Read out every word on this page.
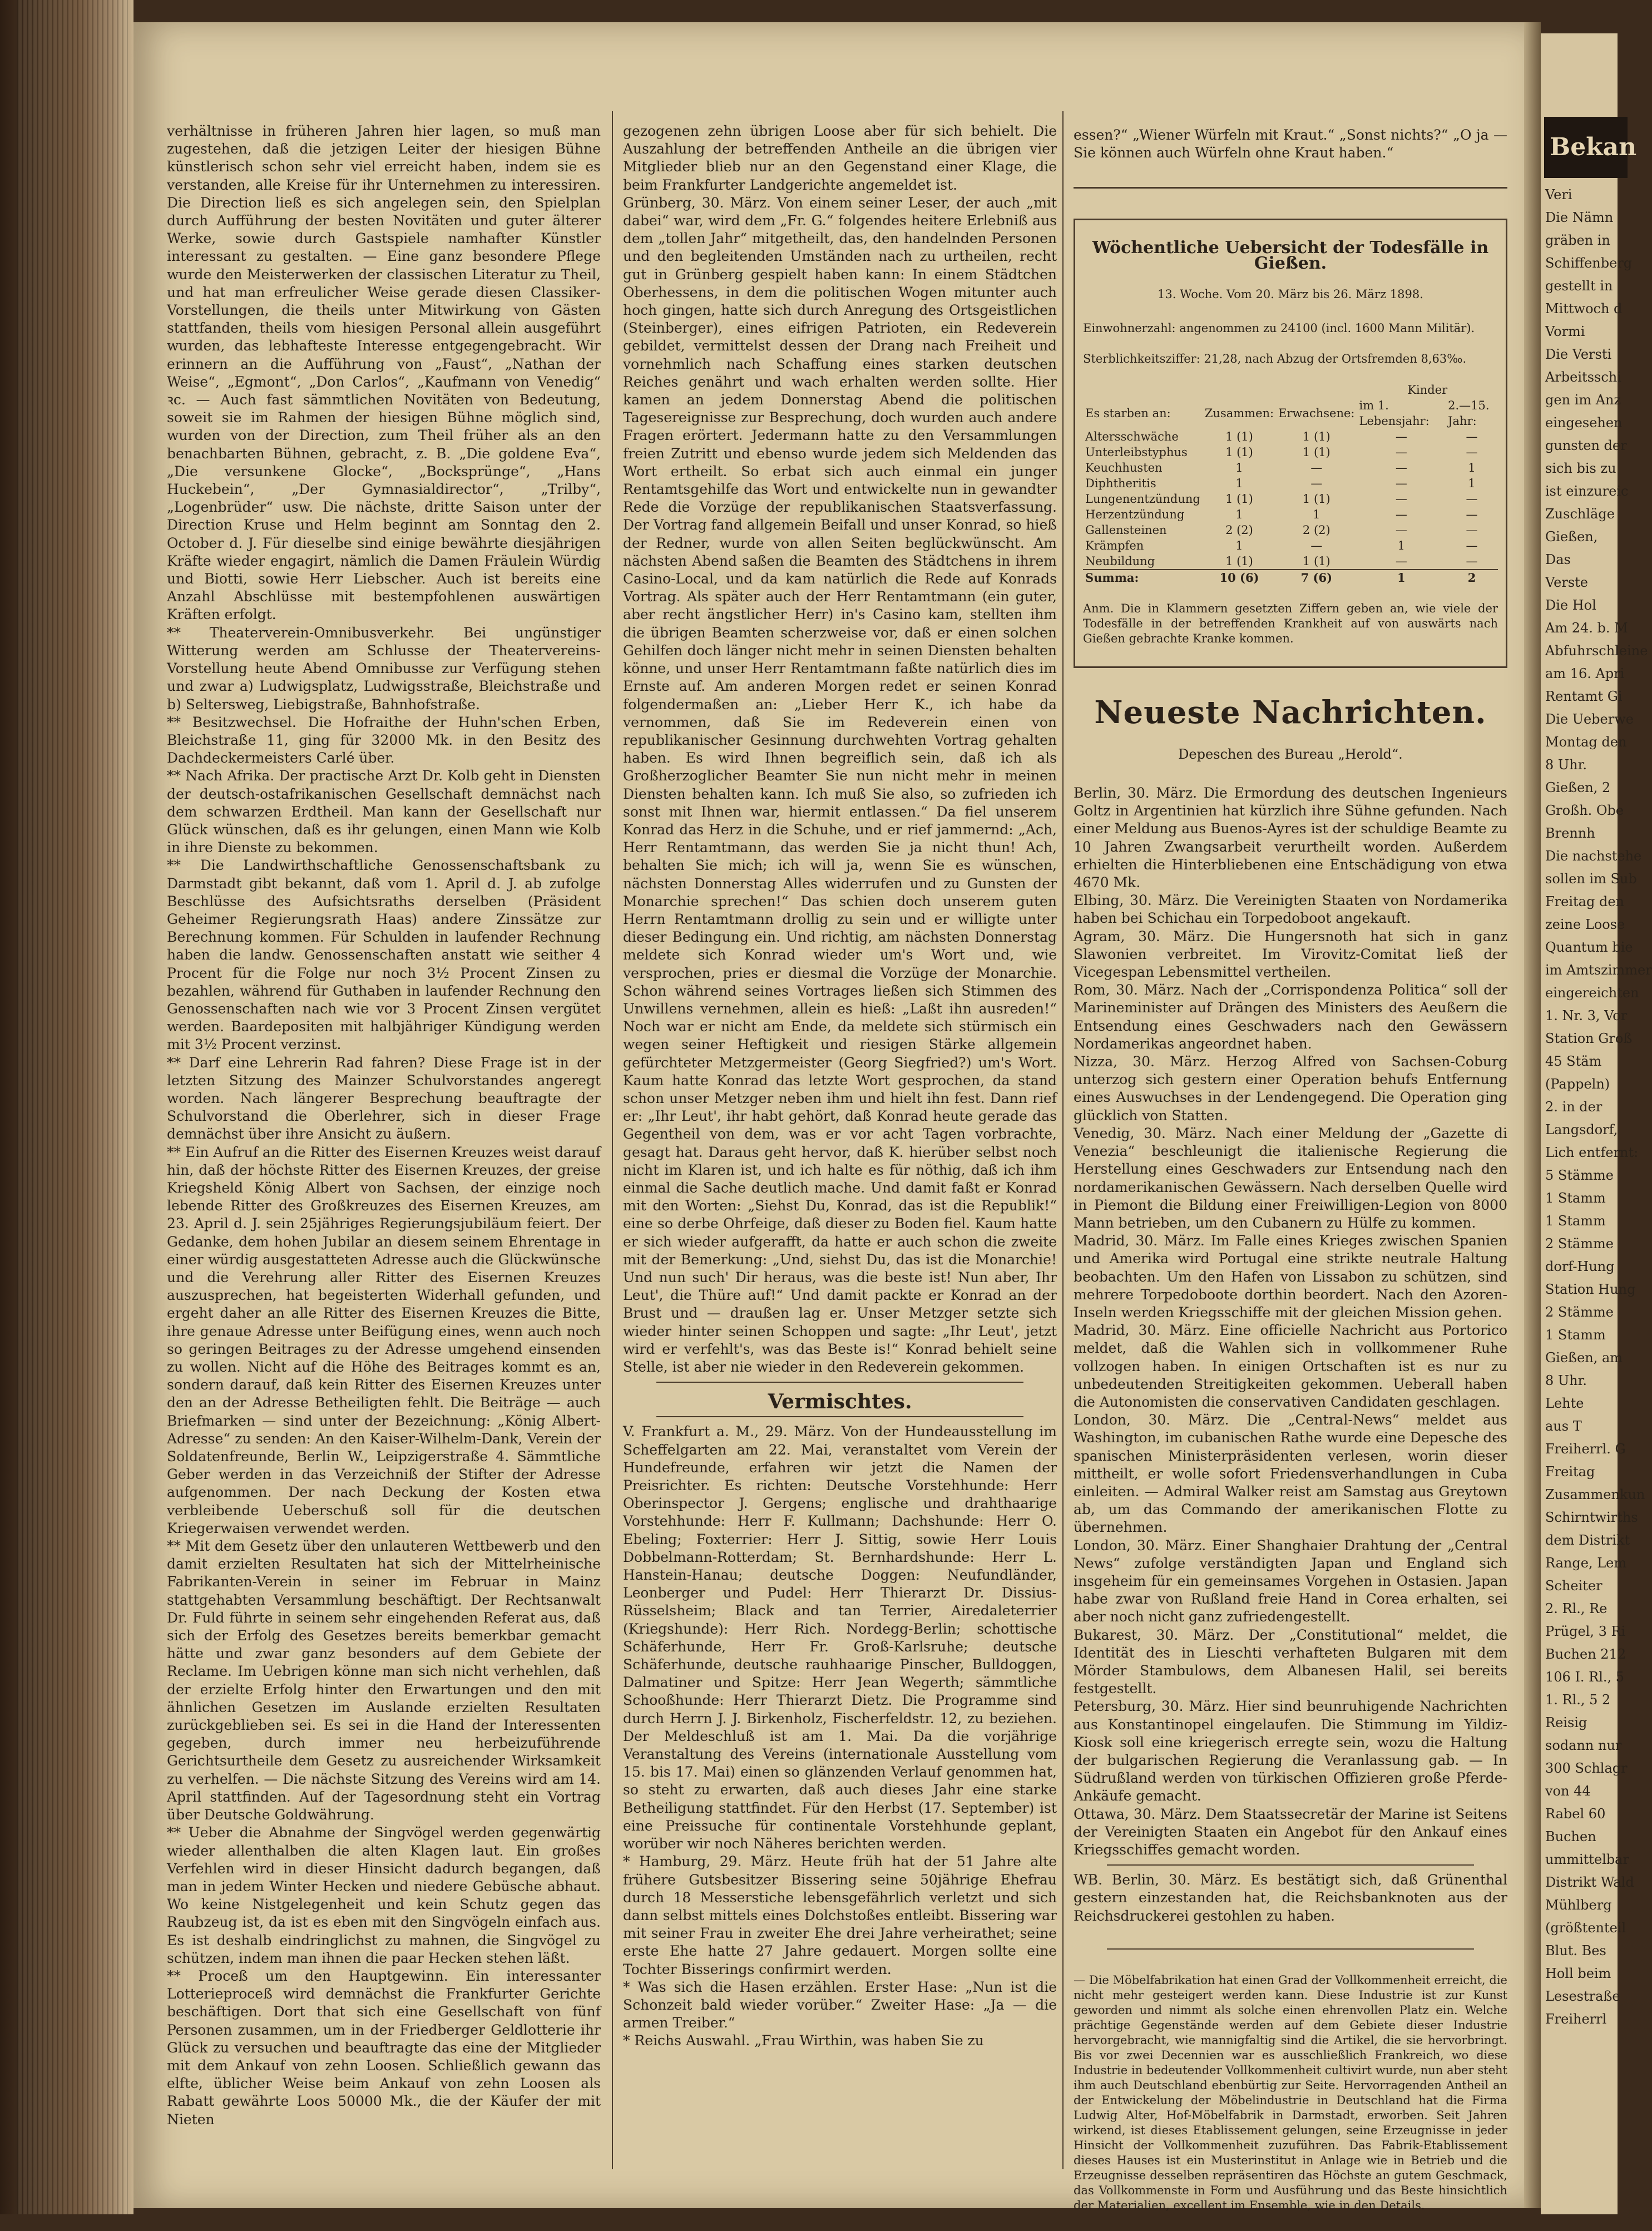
verhältnisse in früheren Jahren hier lagen, so muß man zugestehen, daß die jetzigen Leiter der hiesigen Bühne künstlerisch schon sehr viel erreicht haben, indem sie es verstanden, alle Kreise für ihr Unternehmen zu interessiren. Die Direction ließ es sich angelegen sein, den Spielplan durch Aufführung der besten Novitäten und guter älterer Werke, sowie durch Gastspiele namhafter Künstler interessant zu gestalten. — Eine ganz besondere Pflege wurde den Meisterwerken der classischen Literatur zu Theil, und hat man erfreulicher Weise gerade diesen Classiker-Vorstellungen, die theils unter Mitwirkung von Gästen stattfanden, theils vom hiesigen Personal allein ausgeführt wurden, das lebhafteste Interesse entgegengebracht. Wir erinnern an die Aufführung von „Faust“, „Nathan der Weise“, „Egmont“, „Don Carlos“, „Kaufmann von Venedig“ ꝛc. — Auch fast sämmtlichen Novitäten von Bedeutung, soweit sie im Rahmen der hiesigen Bühne möglich sind, wurden von der Direction, zum Theil früher als an den benachbarten Bühnen, gebracht, z. B. „Die goldene Eva“, „Die versunkene Glocke“, „Bocksprünge“, „Hans Huckebein“, „Der Gymnasialdirector“, „Trilby“, „Logenbrüder“ usw. Die nächste, dritte Saison unter der Direction Kruse und Helm beginnt am Sonntag den 2. October d. J. Für dieselbe sind einige bewährte diesjährigen Kräfte wieder engagirt, nämlich die Damen Fräulein Würdig und Biotti, sowie Herr Liebscher. Auch ist bereits eine Anzahl Abschlüsse mit bestempfohlenen auswärtigen Kräften erfolgt.
** Theaterverein-Omnibusverkehr. Bei ungünstiger Witterung werden am Schlusse der Theatervereins-Vorstellung heute Abend Omnibusse zur Verfügung stehen und zwar a) Ludwigsplatz, Ludwigsstraße, Bleichstraße und b) Seltersweg, Liebigstraße, Bahnhofstraße.
** Besitzwechsel. Die Hofraithe der Huhn'schen Erben, Bleichstraße 11, ging für 32000 Mk. in den Besitz des Dachdeckermeisters Carlé über.
** Nach Afrika. Der practische Arzt Dr. Kolb geht in Diensten der deutsch-ostafrikanischen Gesellschaft demnächst nach dem schwarzen Erdtheil. Man kann der Gesellschaft nur Glück wünschen, daß es ihr gelungen, einen Mann wie Kolb in ihre Dienste zu bekommen.
** Die Landwirthschaftliche Genossenschaftsbank zu Darmstadt gibt bekannt, daß vom 1. April d. J. ab zufolge Beschlüsse des Aufsichtsraths derselben (Präsident Geheimer Regierungsrath Haas) andere Zinssätze zur Berechnung kommen. Für Schulden in laufender Rechnung haben die landw. Genossenschaften anstatt wie seither 4 Procent für die Folge nur noch 3½ Procent Zinsen zu bezahlen, während für Guthaben in laufender Rechnung den Genossenschaften nach wie vor 3 Procent Zinsen vergütet werden. Baardepositen mit halbjähriger Kündigung werden mit 3½ Procent verzinst.
** Darf eine Lehrerin Rad fahren? Diese Frage ist in der letzten Sitzung des Mainzer Schulvorstandes angeregt worden. Nach längerer Besprechung beauftragte der Schulvorstand die Oberlehrer, sich in dieser Frage demnächst über ihre Ansicht zu äußern.
** Ein Aufruf an die Ritter des Eisernen Kreuzes weist darauf hin, daß der höchste Ritter des Eisernen Kreuzes, der greise Kriegsheld König Albert von Sachsen, der einzige noch lebende Ritter des Großkreuzes des Eisernen Kreuzes, am 23. April d. J. sein 25jähriges Regierungsjubiläum feiert. Der Gedanke, dem hohen Jubilar an diesem seinem Ehrentage in einer würdig ausgestatteten Adresse auch die Glückwünsche und die Verehrung aller Ritter des Eisernen Kreuzes auszusprechen, hat begeisterten Widerhall gefunden, und ergeht daher an alle Ritter des Eisernen Kreuzes die Bitte, ihre genaue Adresse unter Beifügung eines, wenn auch noch so geringen Beitrages zu der Adresse umgehend einsenden zu wollen. Nicht auf die Höhe des Beitrages kommt es an, sondern darauf, daß kein Ritter des Eisernen Kreuzes unter den an der Adresse Betheiligten fehlt. Die Beiträge — auch Briefmarken — sind unter der Bezeichnung: „König Albert-Adresse“ zu senden: An den Kaiser-Wilhelm-Dank, Verein der Soldatenfreunde, Berlin W., Leipzigerstraße 4. Sämmtliche Geber werden in das Verzeichniß der Stifter der Adresse aufgenommen. Der nach Deckung der Kosten etwa verbleibende Ueberschuß soll für die deutschen Kriegerwaisen verwendet werden.
** Mit dem Gesetz über den unlauteren Wettbewerb und den damit erzielten Resultaten hat sich der Mittelrheinische Fabrikanten-Verein in seiner im Februar in Mainz stattgehabten Versammlung beschäftigt. Der Rechtsanwalt Dr. Fuld führte in seinem sehr eingehenden Referat aus, daß sich der Erfolg des Gesetzes bereits bemerkbar gemacht hätte und zwar ganz besonders auf dem Gebiete der Reclame. Im Uebrigen könne man sich nicht verhehlen, daß der erzielte Erfolg hinter den Erwartungen und den mit ähnlichen Gesetzen im Auslande erzielten Resultaten zurückgeblieben sei. Es sei in die Hand der Interessenten gegeben, durch immer neu herbeizuführende Gerichtsurtheile dem Gesetz zu ausreichender Wirksamkeit zu verhelfen. — Die nächste Sitzung des Vereins wird am 14. April stattfinden. Auf der Tagesordnung steht ein Vortrag über Deutsche Goldwährung.
** Ueber die Abnahme der Singvögel werden gegenwärtig wieder allenthalben die alten Klagen laut. Ein großes Verfehlen wird in dieser Hinsicht dadurch begangen, daß man in jedem Winter Hecken und niedere Gebüsche abhaut. Wo keine Nistgelegenheit und kein Schutz gegen das Raubzeug ist, da ist es eben mit den Singvögeln einfach aus. Es ist deshalb eindringlichst zu mahnen, die Singvögel zu schützen, indem man ihnen die paar Hecken stehen läßt.
** Proceß um den Hauptgewinn. Ein interessanter Lotterieproceß wird demnächst die Frankfurter Gerichte beschäftigen. Dort that sich eine Gesellschaft von fünf Personen zusammen, um in der Friedberger Geldlotterie ihr Glück zu versuchen und beauftragte das eine der Mitglieder mit dem Ankauf von zehn Loosen. Schließlich gewann das elfte, üblicher Weise beim Ankauf von zehn Loosen als Rabatt gewährte Loos 50000 Mk., die der Käufer der mit Nieten
gezogenen zehn übrigen Loose aber für sich behielt. Die Auszahlung der betreffenden Antheile an die übrigen vier Mitglieder blieb nur an den Gegenstand einer Klage, die beim Frankfurter Landgerichte angemeldet ist.
Grünberg, 30. März. Von einem seiner Leser, der auch „mit dabei“ war, wird dem „Fr. G.“ folgendes heitere Erlebniß aus dem „tollen Jahr“ mitgetheilt, das, den handelnden Personen und den begleitenden Umständen nach zu urtheilen, recht gut in Grünberg gespielt haben kann: In einem Städtchen Oberhessens, in dem die politischen Wogen mitunter auch hoch gingen, hatte sich durch Anregung des Ortsgeistlichen (Steinberger), eines eifrigen Patrioten, ein Redeverein gebildet, vermittelst dessen der Drang nach Freiheit und vornehmlich nach Schaffung eines starken deutschen Reiches genährt und wach erhalten werden sollte. Hier kamen an jedem Donnerstag Abend die politischen Tagesereignisse zur Besprechung, doch wurden auch andere Fragen erörtert. Jedermann hatte zu den Versammlungen freien Zutritt und ebenso wurde jedem sich Meldenden das Wort ertheilt. So erbat sich auch einmal ein junger Rentamtsgehilfe das Wort und entwickelte nun in gewandter Rede die Vorzüge der republikanischen Staatsverfassung. Der Vortrag fand allgemein Beifall und unser Konrad, so hieß der Redner, wurde von allen Seiten beglückwünscht. Am nächsten Abend saßen die Beamten des Städtchens in ihrem Casino-Local, und da kam natürlich die Rede auf Konrads Vortrag. Als später auch der Herr Rentamtmann (ein guter, aber recht ängstlicher Herr) in's Casino kam, stellten ihm die übrigen Beamten scherzweise vor, daß er einen solchen Gehilfen doch länger nicht mehr in seinen Diensten behalten könne, und unser Herr Rentamtmann faßte natürlich dies im Ernste auf. Am anderen Morgen redet er seinen Konrad folgendermaßen an: „Lieber Herr K., ich habe da vernommen, daß Sie im Redeverein einen von republikanischer Gesinnung durchwehten Vortrag gehalten haben. Es wird Ihnen begreiflich sein, daß ich als Großherzoglicher Beamter Sie nun nicht mehr in meinen Diensten behalten kann. Ich muß Sie also, so zufrieden ich sonst mit Ihnen war, hiermit entlassen.“ Da fiel unserem Konrad das Herz in die Schuhe, und er rief jammernd: „Ach, Herr Rentamtmann, das werden Sie ja nicht thun! Ach, behalten Sie mich; ich will ja, wenn Sie es wünschen, nächsten Donnerstag Alles widerrufen und zu Gunsten der Monarchie sprechen!“ Das schien doch unserem guten Herrn Rentamtmann drollig zu sein und er willigte unter dieser Bedingung ein. Und richtig, am nächsten Donnerstag meldete sich Konrad wieder um's Wort und, wie versprochen, pries er diesmal die Vorzüge der Monarchie. Schon während seines Vortrages ließen sich Stimmen des Unwillens vernehmen, allein es hieß: „Laßt ihn ausreden!“ Noch war er nicht am Ende, da meldete sich stürmisch ein wegen seiner Heftigkeit und riesigen Stärke allgemein gefürchteter Metzgermeister (Georg Siegfried?) um's Wort. Kaum hatte Konrad das letzte Wort gesprochen, da stand schon unser Metzger neben ihm und hielt ihn fest. Dann rief er: „Ihr Leut', ihr habt gehört, daß Konrad heute gerade das Gegentheil von dem, was er vor acht Tagen vorbrachte, gesagt hat. Daraus geht hervor, daß K. hierüber selbst noch nicht im Klaren ist, und ich halte es für nöthig, daß ich ihm einmal die Sache deutlich mache. Und damit faßt er Konrad mit den Worten: „Siehst Du, Konrad, das ist die Republik!“ eine so derbe Ohrfeige, daß dieser zu Boden fiel. Kaum hatte er sich wieder aufgerafft, da hatte er auch schon die zweite mit der Bemerkung: „Und, siehst Du, das ist die Monarchie! Und nun such' Dir heraus, was die beste ist! Nun aber, Ihr Leut', die Thüre auf!“ Und damit packte er Konrad an der Brust und — draußen lag er. Unser Metzger setzte sich wieder hinter seinen Schoppen und sagte: „Ihr Leut', jetzt wird er verfehlt's, was das Beste is!“ Konrad behielt seine Stelle, ist aber nie wieder in den Redeverein gekommen.
Vermischtes.
V. Frankfurt a. M., 29. März. Von der Hundeausstellung im Scheffelgarten am 22. Mai, veranstaltet vom Verein der Hundefreunde, erfahren wir jetzt die Namen der Preisrichter. Es richten: Deutsche Vorstehhunde: Herr Oberinspector J. Gergens; englische und drahthaarige Vorstehhunde: Herr F. Kullmann; Dachshunde: Herr O. Ebeling; Foxterrier: Herr J. Sittig, sowie Herr Louis Dobbelmann-Rotterdam; St. Bernhardshunde: Herr L. Hanstein-Hanau; deutsche Doggen: Neufundländer, Leonberger und Pudel: Herr Thierarzt Dr. Dissius-Rüsselsheim; Black and tan Terrier, Airedaleterrier (Kriegshunde): Herr Rich. Nordegg-Berlin; schottische Schäferhunde, Herr Fr. Groß-Karlsruhe; deutsche Schäferhunde, deutsche rauhhaarige Pinscher, Bulldoggen, Dalmatiner und Spitze: Herr Jean Wegerth; sämmtliche Schooßhunde: Herr Thierarzt Dietz. Die Programme sind durch Herrn J. J. Birkenholz, Fischerfeldstr. 12, zu beziehen. Der Meldeschluß ist am 1. Mai. Da die vorjährige Veranstaltung des Vereins (internationale Ausstellung vom 15. bis 17. Mai) einen so glänzenden Verlauf genommen hat, so steht zu erwarten, daß auch dieses Jahr eine starke Betheiligung stattfindet. Für den Herbst (17. September) ist eine Preissuche für continentale Vorstehhunde geplant, worüber wir noch Näheres berichten werden.
* Hamburg, 29. März. Heute früh hat der 51 Jahre alte frühere Gutsbesitzer Bissering seine 50jährige Ehefrau durch 18 Messerstiche lebensgefährlich verletzt und sich dann selbst mittels eines Dolchstoßes entleibt. Bissering war mit seiner Frau in zweiter Ehe drei Jahre verheirathet; seine erste Ehe hatte 27 Jahre gedauert. Morgen sollte eine Tochter Bisserings confirmirt werden.
* Was sich die Hasen erzählen. Erster Hase: „Nun ist die Schonzeit bald wieder vorüber.“ Zweiter Hase: „Ja — die armen Treiber.“
* Reichs Auswahl. „Frau Wirthin, was haben Sie zu

essen?“ „Wiener Würfeln mit Kraut.“ „Sonst nichts?“ „O ja — Sie können auch Würfeln ohne Kraut haben.“

Wöchentliche Uebersicht der Todesfälle in Gießen.

13. Woche. Vom 20. März bis 26. März 1898.

Einwohnerzahl: angenommen zu 24100 (incl. 1600 Mann Militär).

Sterblichkeitsziffer: 21,28, nach Abzug der Ortsfremden 8,63‰.

			Kinder	
Es starben an:	Zusammen:	Erwachsene:	im 1. Lebensjahr:	2.—15. Jahr:
Altersschwäche	1 (1)	1 (1)	—	—
Unterleibstyphus	1 (1)	1 (1)	—	—
Keuchhusten	1	—	—	1
Diphtheritis	1	—	—	1
Lungenentzündung	1 (1)	1 (1)	—	—
Herzentzündung	1	1	—	—
Gallensteinen	2 (2)	2 (2)	—	—
Krämpfen	1	—	1	—
Neubildung	1 (1)	1 (1)	—	—
Summa:	10 (6)	7 (6)	1	2

Anm. Die in Klammern gesetzten Ziffern geben an, wie viele der Todesfälle in der betreffenden Krankheit auf von auswärts nach Gießen gebrachte Kranke kommen.

Neueste Nachrichten.

Depeschen des Bureau „Herold“.

Berlin, 30. März. Die Ermordung des deutschen Ingenieurs Goltz in Argentinien hat kürzlich ihre Sühne gefunden. Nach einer Meldung aus Buenos-Ayres ist der schuldige Beamte zu 10 Jahren Zwangsarbeit verurtheilt worden. Außerdem erhielten die Hinterbliebenen eine Entschädigung von etwa 4670 Mk.
Elbing, 30. März. Die Vereinigten Staaten von Nordamerika haben bei Schichau ein Torpedoboot angekauft.
Agram, 30. März. Die Hungersnoth hat sich in ganz Slawonien verbreitet. Im Virovitz-Comitat ließ der Vicegespan Lebensmittel vertheilen.
Rom, 30. März. Nach der „Corrispondenza Politica“ soll der Marineminister auf Drängen des Ministers des Aeußern die Entsendung eines Geschwaders nach den Gewässern Nordamerikas angeordnet haben.
Nizza, 30. März. Herzog Alfred von Sachsen-Coburg unterzog sich gestern einer Operation behufs Entfernung eines Auswuchses in der Lendengegend. Die Operation ging glücklich von Statten.
Venedig, 30. März. Nach einer Meldung der „Gazette di Venezia“ beschleunigt die italienische Regierung die Herstellung eines Geschwaders zur Entsendung nach den nordamerikanischen Gewässern. Nach derselben Quelle wird in Piemont die Bildung einer Freiwilligen-Legion von 8000 Mann betrieben, um den Cubanern zu Hülfe zu kommen.
Madrid, 30. März. Im Falle eines Krieges zwischen Spanien und Amerika wird Portugal eine strikte neutrale Haltung beobachten. Um den Hafen von Lissabon zu schützen, sind mehrere Torpedoboote dorthin beordert. Nach den Azoren-Inseln werden Kriegsschiffe mit der gleichen Mission gehen.
Madrid, 30. März. Eine officielle Nachricht aus Portorico meldet, daß die Wahlen sich in vollkommener Ruhe vollzogen haben. In einigen Ortschaften ist es nur zu unbedeutenden Streitigkeiten gekommen. Ueberall haben die Autonomisten die conservativen Candidaten geschlagen.
London, 30. März. Die „Central-News“ meldet aus Washington, im cubanischen Rathe wurde eine Depesche des spanischen Ministerpräsidenten verlesen, worin dieser mittheilt, er wolle sofort Friedensverhandlungen in Cuba einleiten. — Admiral Walker reist am Samstag aus Greytown ab, um das Commando der amerikanischen Flotte zu übernehmen.
London, 30. März. Einer Shanghaier Drahtung der „Central News“ zufolge verständigten Japan und England sich insgeheim für ein gemeinsames Vorgehen in Ostasien. Japan habe zwar von Rußland freie Hand in Corea erhalten, sei aber noch nicht ganz zufriedengestellt.
Bukarest, 30. März. Der „Constitutional“ meldet, die Identität des in Lieschti verhafteten Bulgaren mit dem Mörder Stambulows, dem Albanesen Halil, sei bereits festgestellt.
Petersburg, 30. März. Hier sind beunruhigende Nachrichten aus Konstantinopel eingelaufen. Die Stimmung im Yildiz-Kiosk soll eine kriegerisch erregte sein, wozu die Haltung der bulgarischen Regierung die Veranlassung gab. — In Südrußland werden von türkischen Offizieren große Pferde-Ankäufe gemacht.
Ottawa, 30. März. Dem Staatssecretär der Marine ist Seitens der Vereinigten Staaten ein Angebot für den Ankauf eines Kriegsschiffes gemacht worden.
WB. Berlin, 30. März. Es bestätigt sich, daß Grünenthal gestern einzestanden hat, die Reichsbanknoten aus der Reichsdruckerei gestohlen zu haben.

— Die Möbelfabrikation hat einen Grad der Vollkommenheit erreicht, die nicht mehr gesteigert werden kann. Diese Industrie ist zur Kunst geworden und nimmt als solche einen ehrenvollen Platz ein. Welche prächtige Gegenstände werden auf dem Gebiete dieser Industrie hervorgebracht, wie mannigfaltig sind die Artikel, die sie hervorbringt. Bis vor zwei Decennien war es ausschließlich Frankreich, wo diese Industrie in bedeutender Vollkommenheit cultivirt wurde, nun aber steht ihm auch Deutschland ebenbürtig zur Seite. Hervorragenden Antheil an der Entwickelung der Möbelindustrie in Deutschland hat die Firma Ludwig Alter, Hof-Möbelfabrik in Darmstadt, erworben. Seit Jahren wirkend, ist dieses Etablissement gelungen, seine Erzeugnisse in jeder Hinsicht der Vollkommenheit zuzuführen. Das Fabrik-Etablissement dieses Hauses ist ein Musterinstitut in Anlage wie in Betrieb und die Erzeugnisse desselben repräsentiren das Höchste an gutem Geschmack, das Vollkommenste in Form und Ausführung und das Beste hinsichtlich der Materialien, excellent im Ensemble, wie in den Details.

Bekan
Veri
Die Nämn
gräben in
Schiffenberg
gestellt in
Mittwoch d
Vormi
Die Versti
Arbeitsschi
gen im Anz
eingesehen
gunsten der
sich bis zu
ist einzureic
Zuschläge
Gießen,
Das
Verste
Die Hol
Am 24. b. M
Abfuhrschleine
am 16. Apri
Rentamt Gi
Die Ueberwe
Montag den
8 Uhr.
Gießen, 2
Großh. Obe
Brennh
Die nachstehe
sollen im Sub
Freitag den
zeine Loose
Quantum bie
im Amtszimmer
eingereichten
1. Nr. 3, Vor
Station Groß
45 Stäm
(Pappeln)
2. in der
Langsdorf,
Lich entfernt:
5 Stämme
1 Stamm
1 Stamm
2 Stämme
dorf-Hung
Station Hung
2 Stämme
1 Stamm
Gießen, am
8 Uhr.
Lehte
aus T
Freiherrl. G
Freitag
Zusammenkun
Schirntwirths
dem Distrikt
Range, Lem
Scheiter
2. Rl., Re
Prügel, 3 Ri
Buchen 212
106 I. Rl., 5
1. Rl., 5 2
Reisig
sodann nur
300 Schlagr
von 44
Rabel 60
Buchen
ummittelbar
Distrikt Wald
Mühlberg
(größtenteil
Blut. Bes
Holl beim
Lesestraße
Freiherrl
